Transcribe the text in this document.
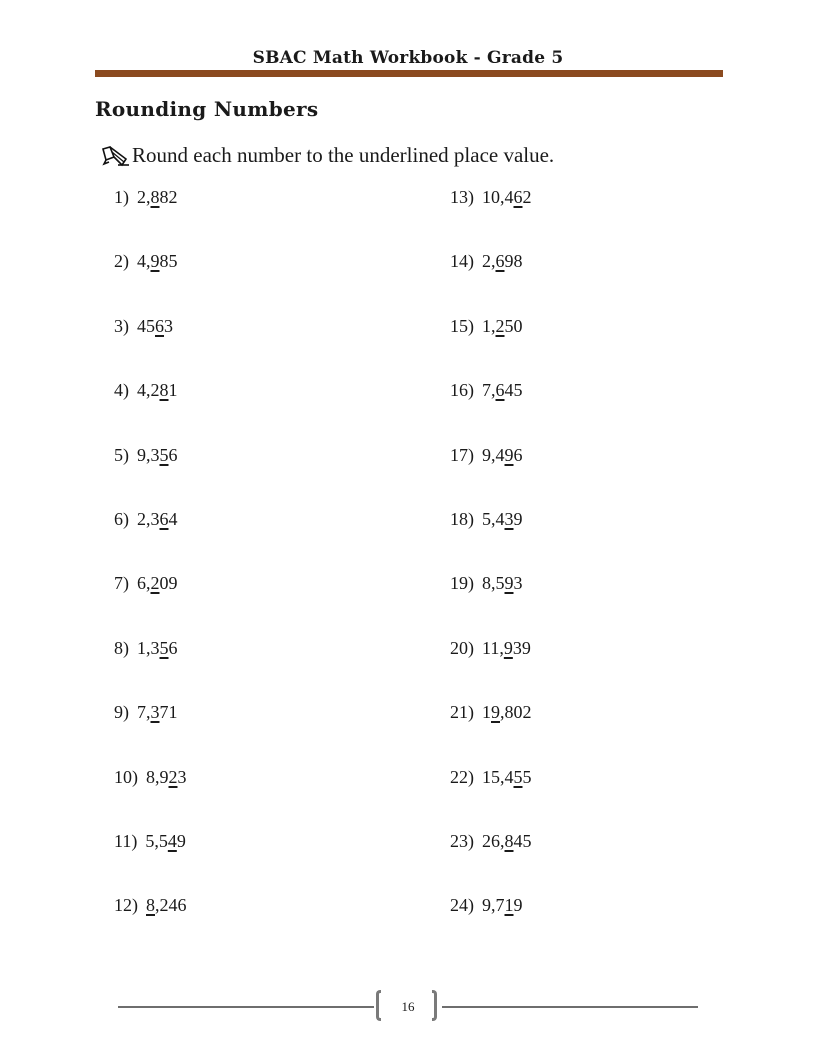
SBAC Math Workbook - Grade 5
Rounding Numbers
Round each number to the underlined place value.
1) 2,882
2) 4,985
3) 4563
4) 4,281
5) 9,356
6) 2,364
7) 6,209
8) 1,356
9) 7,371
10) 8,923
11) 5,549
12) 8,246
13) 10,462
14) 2,698
15) 1,250
16) 7,645
17) 9,496
18) 5,439
19) 8,593
20) 11,939
21) 19,802
22) 15,455
23) 26,845
24) 9,719
16
